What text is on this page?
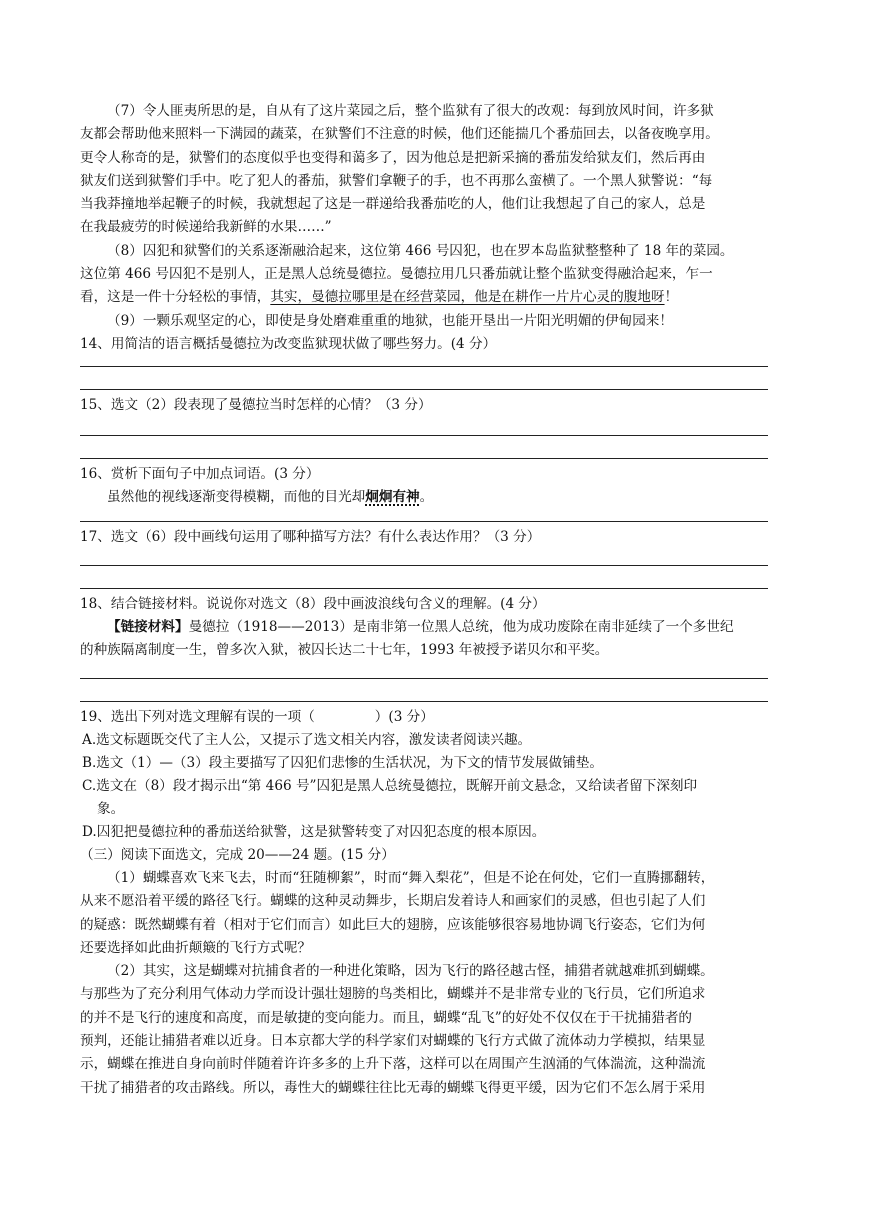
（7）令人匪夷所思的是，自从有了这片菜园之后，整个监狱有了很大的改观：每到放风时间，许多狱

友都会帮助他来照料一下满园的蔬菜，在狱警们不注意的时候，他们还能揣几个番茄回去，以备夜晚享用。

更令人称奇的是，狱警们的态度似乎也变得和蔼多了，因为他总是把新采摘的番茄发给狱友们，然后再由

狱友们送到狱警们手中。吃了犯人的番茄，狱警们拿鞭子的手，也不再那么蛮横了。一个黑人狱警说：“每

当我莽撞地举起鞭子的时候，我就想起了这是一群递给我番茄吃的人，他们让我想起了自己的家人，总是

在我最疲劳的时候递给我新鲜的水果……”

（8）囚犯和狱警们的关系逐渐融洽起来，这位第 466 号囚犯，也在罗本岛监狱整整种了 18 年的菜园。

这位第 466 号囚犯不是别人，正是黑人总统曼德拉。曼德拉用几只番茄就让整个监狱变得融洽起来，乍一

看，这是一件十分轻松的事情，其实，曼德拉哪里是在经营菜园，他是在耕作一片片心灵的腹地呀！

（9）一颗乐观坚定的心，即使是身处磨难重重的地狱，也能开垦出一片阳光明媚的伊甸园来！

14、用简洁的语言概括曼德拉为改变监狱现状做了哪些努力。(4 分）

15、选文（2）段表现了曼德拉当时怎样的心情？（3 分）

16、赏析下面句子中加点词语。(3 分）

虽然他的视线逐渐变得模糊，而他的目光却炯炯有神。

17、选文（6）段中画线句运用了哪种描写方法？有什么表达作用？（3 分）

18、结合链接材料。说说你对选文（8）段中画波浪线句含义的理解。(4 分）

【链接材料】曼德拉（1918——2013）是南非第一位黑人总统，他为成功废除在南非延续了一个多世纪

的种族隔离制度一生，曾多次入狱，被囚长达二十七年，1993 年被授予诺贝尔和平奖。

19、选出下列对选文理解有误的一项（	）(3 分）

A.选文标题既交代了主人公，又提示了选文相关内容，激发读者阅读兴趣。

B.选文（1）—（3）段主要描写了囚犯们悲惨的生活状况，为下文的情节发展做铺垫。

C.选文在（8）段才揭示出“第 466 号”囚犯是黑人总统曼德拉，既解开前文悬念，又给读者留下深刻印

象。

D.囚犯把曼德拉种的番茄送给狱警，这是狱警转变了对囚犯态度的根本原因。

（三）阅读下面选文，完成 20——24 题。(15 分）

（1）蝴蝶喜欢飞来飞去，时而“狂随柳絮”，时而“舞入梨花”，但是不论在何处，它们一直腾挪翻转，

从来不愿沿着平缓的路径飞行。蝴蝶的这种灵动舞步，长期启发着诗人和画家们的灵感，但也引起了人们

的疑惑：既然蝴蝶有着（相对于它们而言）如此巨大的翅膀，应该能够很容易地协调飞行姿态，它们为何

还要选择如此曲折颠簸的飞行方式呢？

（2）其实，这是蝴蝶对抗捕食者的一种进化策略，因为飞行的路径越古怪，捕猎者就越难抓到蝴蝶。

与那些为了充分利用气体动力学而设计强壮翅膀的鸟类相比，蝴蝶并不是非常专业的飞行员，它们所追求

的并不是飞行的速度和高度，而是敏捷的变向能力。而且，蝴蝶“乱飞”的好处不仅仅在于干扰捕猎者的

预判，还能让捕猎者难以近身。日本京都大学的科学家们对蝴蝶的飞行方式做了流体动力学模拟，结果显

示，蝴蝶在推进自身向前时伴随着许许多多的上升下落，这样可以在周围产生汹涌的气体湍流，这种湍流

干扰了捕猎者的攻击路线。所以，毒性大的蝴蝶往往比无毒的蝴蝶飞得更平缓，因为它们不怎么屑于采用
